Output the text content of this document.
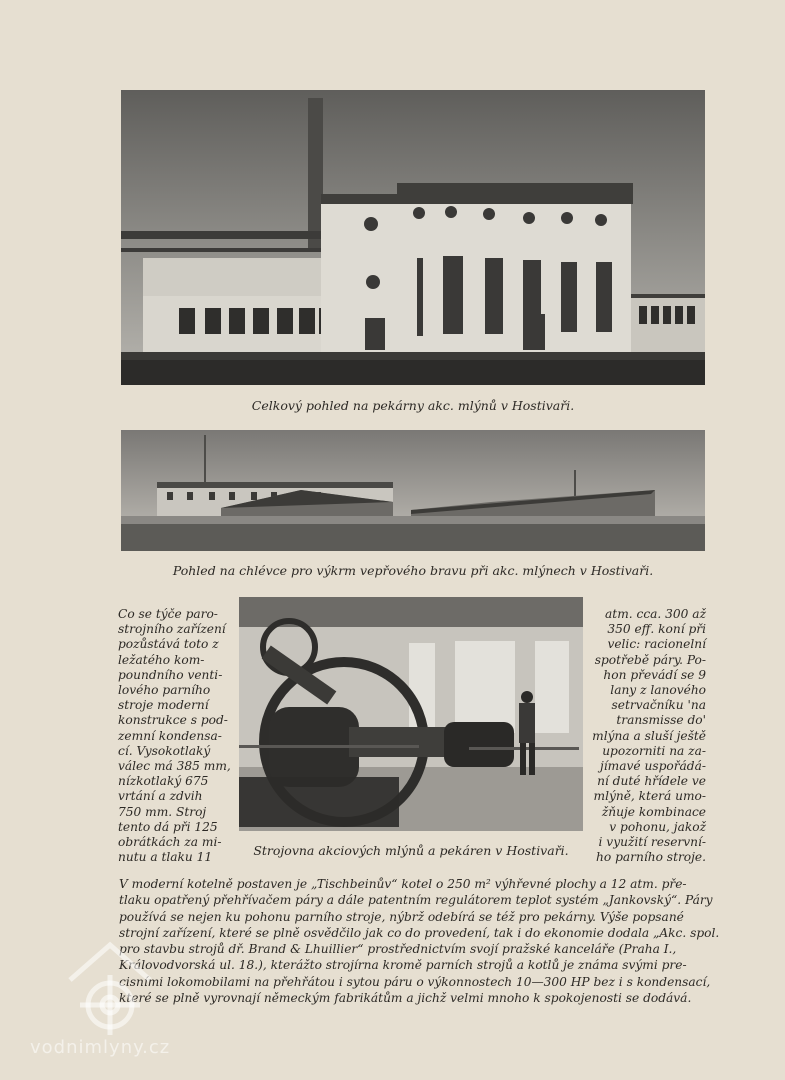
Celkový pohled na pekárny akc. mlýnů v Hostivaři.
Pohled na chlévce pro výkrm vepřového bravu při akc. mlýnech v Hostivaři.
Strojovna akciových mlýnů a pekáren v Hostivaři.
Co se týče paro-
strojního zařízení
pozůstává toto z
ležatého kom-
poundního venti-
lového parního
stroje moderní
konstrukce s pod-
zemní kondensa-
cí. Vysokotlaký
válec má 385 mm,
nízkotlaký 675
vrtání a zdvih
750 mm. Stroj
tento dá při 125
obrátkách za mi-
nutu a tlaku 11
atm. cca. 300 až
350 eff. koní při
velic: racionelní
spotřebě páry. Po-
hon převádí se 9
lany z lanového
setrvačníku 'na
transmisse do'
mlýna a sluší ještě
upozorniti na za-
jímavé uspořádá-
ní duté hřídele ve
mlýně, která umo-
žňuje kombinace
v pohonu, jakož
i využití reservní-
ho parního stroje.
V moderní kotelně postaven je „Tischbeinův“ kotel o 250 m² výhřevné plochy a 12 atm. pře-
tlaku opatřený přehřívačem páry a dále patentním regulátorem teplot systém „Jankovský“. Páry
používá se nejen ku pohonu parního stroje, nýbrž odebírá se též pro pekárny. Výše popsané
strojní zařízení, které se plně osvědčilo jak co do provedení, tak i do ekonomie dodala „Akc. spol.
pro stavbu strojů dř. Brand & Lhuillier“ prostřednictvím svojí pražské kanceláře (Praha I.,
Královodvorská ul. 18.), kterážto strojírna kromě parních strojů a kotlů je známa svými pre-
cisními lokomobilami na přehřátou i sytou páru o výkonnostech 10—300 HP bez i s kondensací,
které se plně vyrovnají německým fabrikátům a jichž velmi mnoho k spokojenosti se dodává.
vodnimlyny.cz
